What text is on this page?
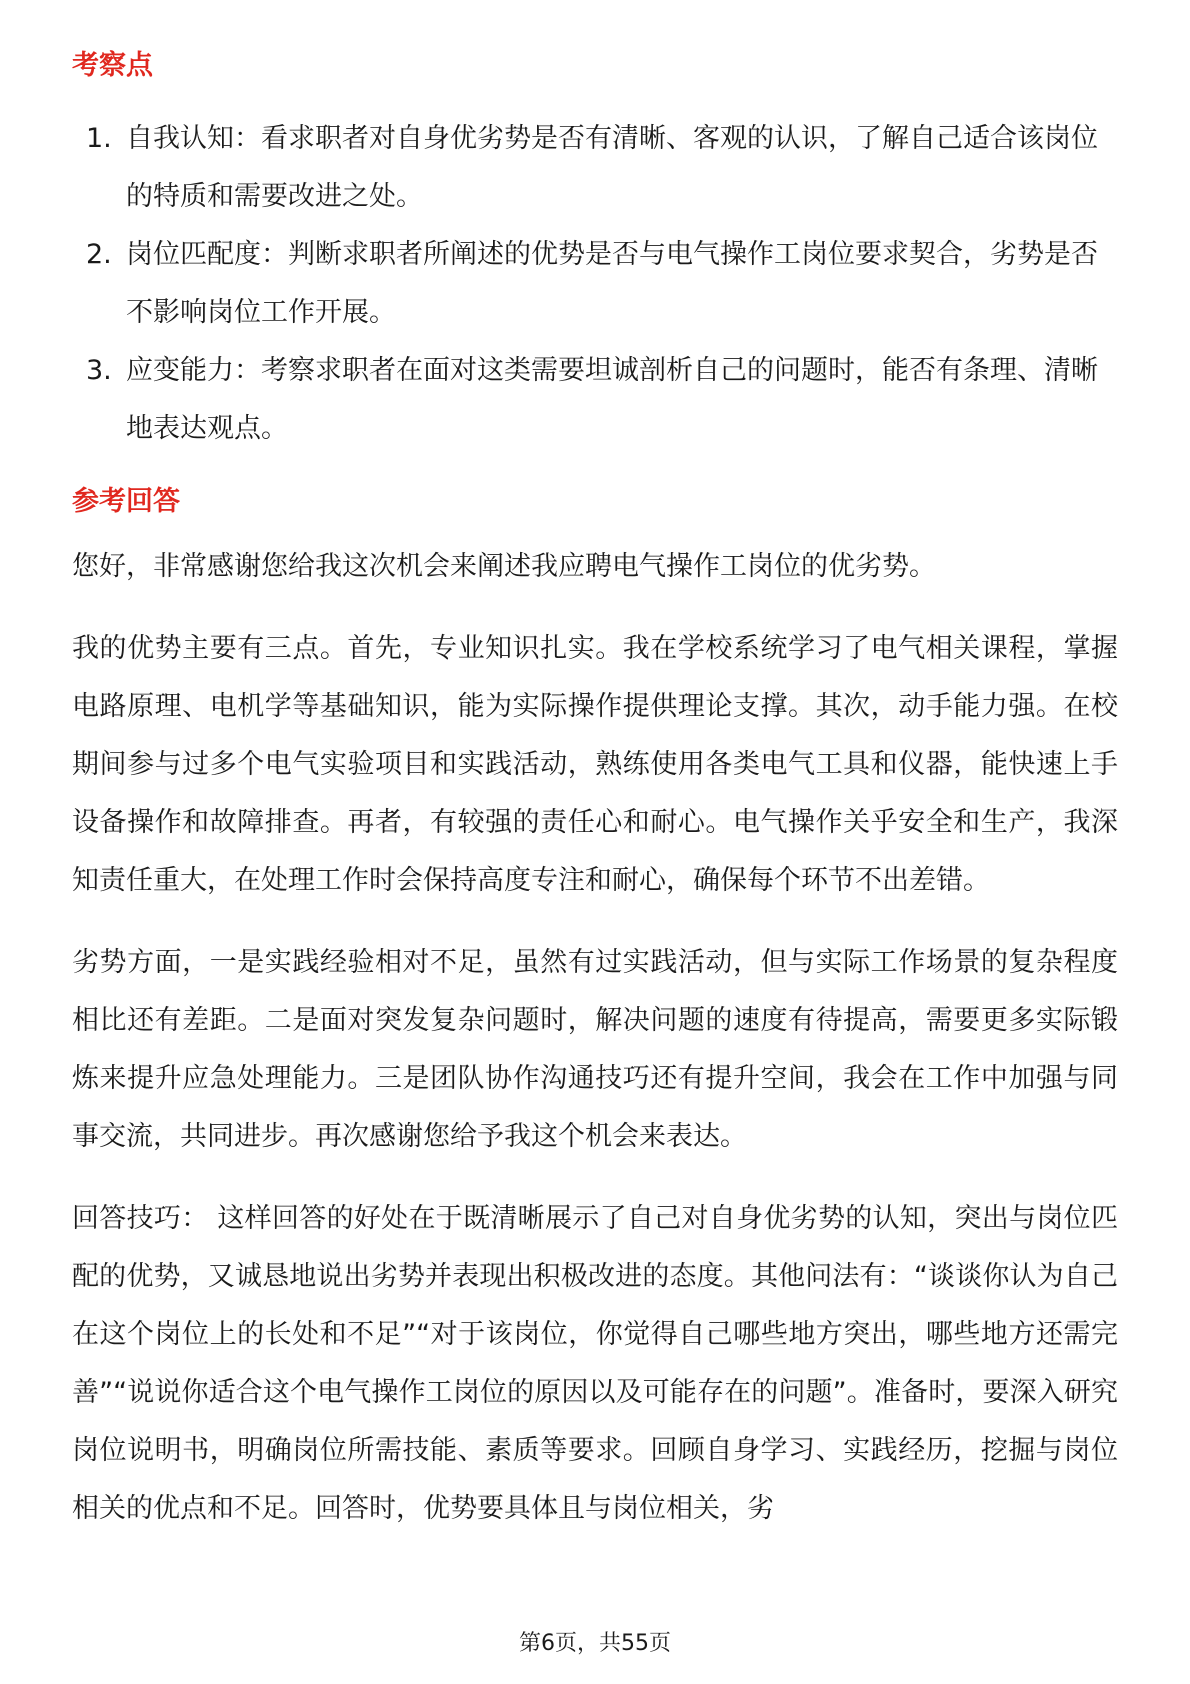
考察点
1. 自我认知：看求职者对自身优劣势是否有清晰、客观的认识，了解自己适合该岗位的特质和需要改进之处。
2. 岗位匹配度：判断求职者所阐述的优势是否与电气操作工岗位要求契合，劣势是否不影响岗位工作开展。
3. 应变能力：考察求职者在面对这类需要坦诚剖析自己的问题时，能否有条理、清晰地表达观点。
参考回答

您好，非常感谢您给我这次机会来阐述我应聘电气操作工岗位的优劣势。

我的优势主要有三点。首先，专业知识扎实。我在学校系统学习了电气相关课程，掌握电路原理、电机学等基础知识，能为实际操作提供理论支撑。其次，动手能力强。在校期间参与过多个电气实验项目和实践活动，熟练使用各类电气工具和仪器，能快速上手设备操作和故障排查。再者，有较强的责任心和耐心。电气操作关乎安全和生产，我深知责任重大，在处理工作时会保持高度专注和耐心，确保每个环节不出差错。

劣势方面，一是实践经验相对不足，虽然有过实践活动，但与实际工作场景的复杂程度相比还有差距。二是面对突发复杂问题时，解决问题的速度有待提高，需要更多实际锻炼来提升应急处理能力。三是团队协作沟通技巧还有提升空间，我会在工作中加强与同事交流，共同进步。再次感谢您给予我这个机会来表达。

回答技巧： 这样回答的好处在于既清晰展示了自己对自身优劣势的认知，突出与岗位匹配的优势，又诚恳地说出劣势并表现出积极改进的态度。其他问法有：“谈谈你认为自己在这个岗位上的长处和不足”“对于该岗位，你觉得自己哪些地方突出，哪些地方还需完善”“说说你适合这个电气操作工岗位的原因以及可能存在的问题”。准备时，要深入研究岗位说明书，明确岗位所需技能、素质等要求。回顾自身学习、实践经历，挖掘与岗位相关的优点和不足。回答时，优势要具体且与岗位相关，劣

第6页，共55页
